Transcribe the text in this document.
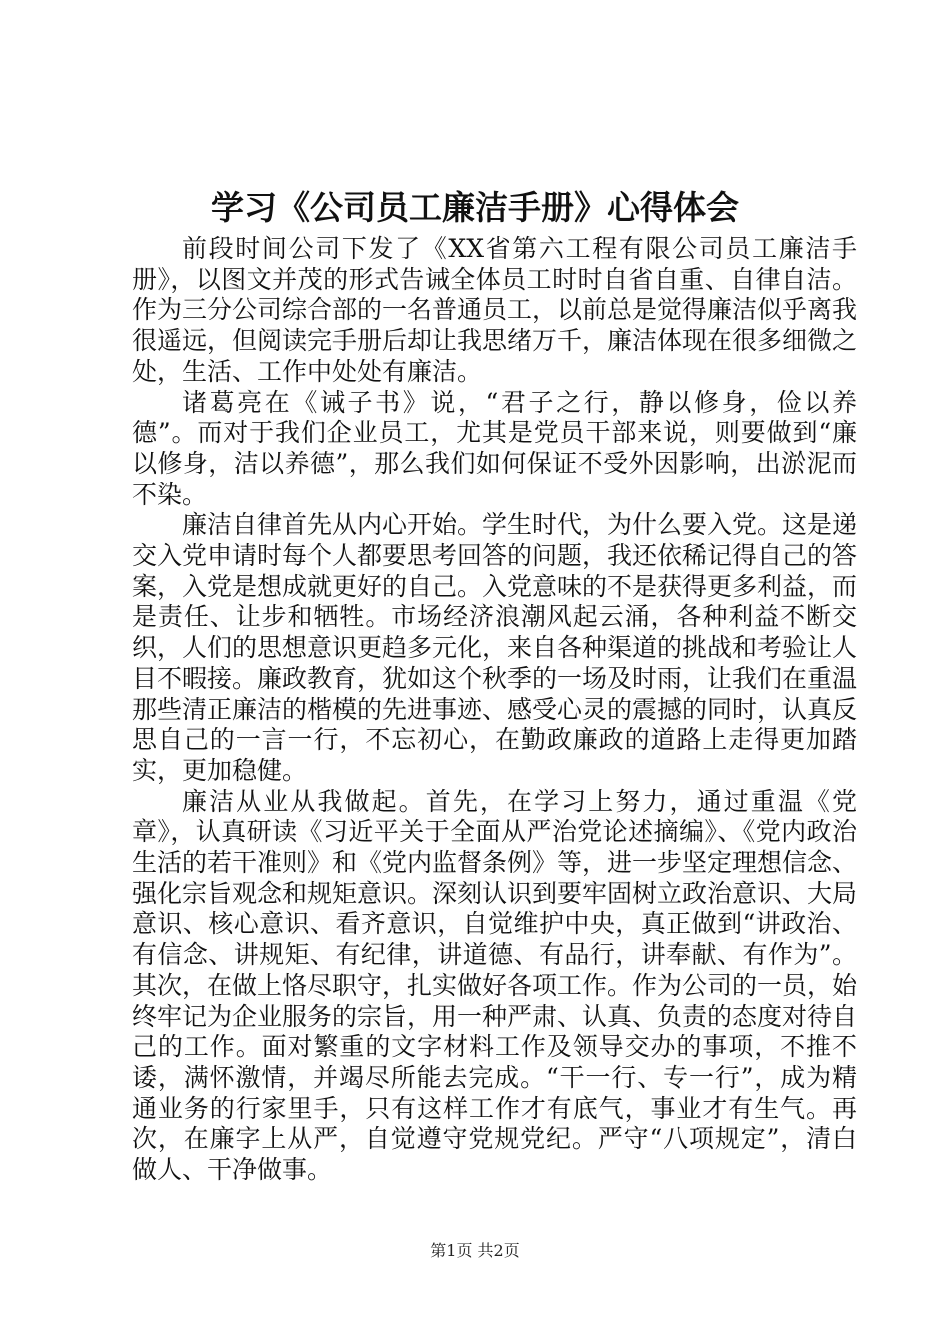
学习《公司员工廉洁手册》心得体会

前段时间公司下发了《XX省第六工程有限公司员工廉洁手册》，以图文并茂的形式告诫全体员工时时自省自重、自律自洁。作为三分公司综合部的一名普通员工，以前总是觉得廉洁似乎离我很遥远，但阅读完手册后却让我思绪万千，廉洁体现在很多细微之处，生活、工作中处处有廉洁。

诸葛亮在《诫子书》说，“君子之行，静以修身，俭以养德”。而对于我们企业员工，尤其是党员干部来说，则要做到“廉以修身，洁以养德”，那么我们如何保证不受外因影响，出淤泥而不染。

廉洁自律首先从内心开始。学生时代，为什么要入党。这是递交入党申请时每个人都要思考回答的问题，我还依稀记得自己的答案，入党是想成就更好的自己。入党意味的不是获得更多利益，而是责任、让步和牺牲。市场经济浪潮风起云涌，各种利益不断交织，人们的思想意识更趋多元化，来自各种渠道的挑战和考验让人目不暇接。廉政教育，犹如这个秋季的一场及时雨，让我们在重温那些清正廉洁的楷模的先进事迹、感受心灵的震撼的同时，认真反思自己的一言一行，不忘初心，在勤政廉政的道路上走得更加踏实，更加稳健。

廉洁从业从我做起。首先，在学习上努力，通过重温《党章》，认真研读《习近平关于全面从严治党论述摘编》、《党内政治生活的若干准则》和《党内监督条例》等，进一步坚定理想信念、强化宗旨观念和规矩意识。深刻认识到要牢固树立政治意识、大局意识、核心意识、看齐意识，自觉维护中央，真正做到“讲政治、有信念、讲规矩、有纪律，讲道德、有品行，讲奉献、有作为”。其次，在做上恪尽职守，扎实做好各项工作。作为公司的一员，始终牢记为企业服务的宗旨，用一种严肃、认真、负责的态度对待自己的工作。面对繁重的文字材料工作及领导交办的事项，不推不诿，满怀激情，并竭尽所能去完成。“干一行、专一行”，成为精通业务的行家里手，只有这样工作才有底气，事业才有生气。再次，在廉字上从严，自觉遵守党规党纪。严守“八项规定”，清白做人、干净做事。

第1页 共2页
